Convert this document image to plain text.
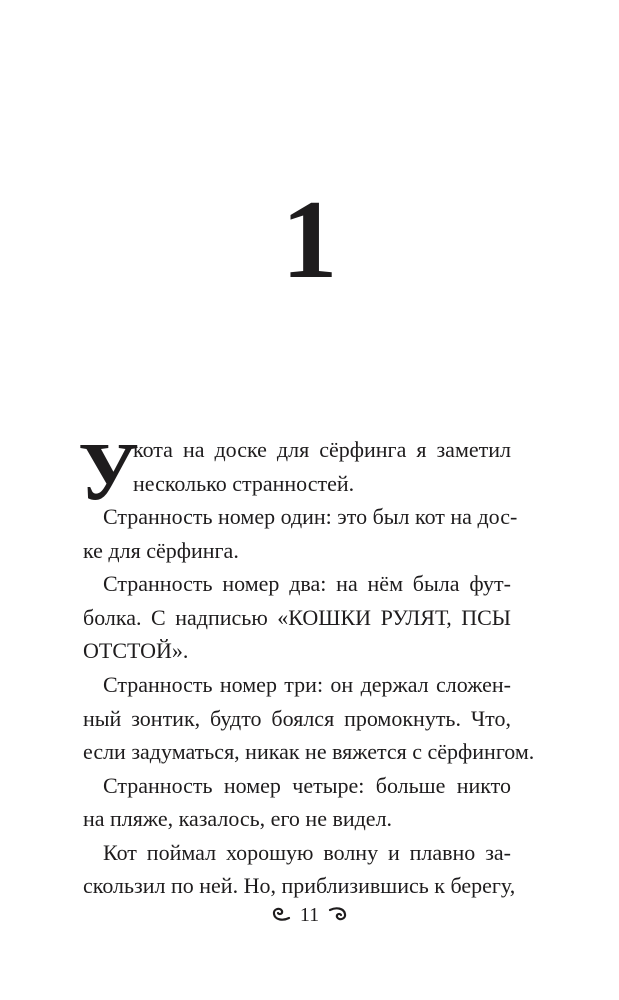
1
У
кота на доске для сёрфинга я заметил
несколько странностей.
Странность номер один: это был кот на дос-
ке для сёрфинга.
Странность номер два: на нём была фут-
болка. С надписью «КОШКИ РУЛЯТ, ПСЫ
ОТСТОЙ».
Странность номер три: он держал сложен-
ный зонтик, будто боялся промокнуть. Что,
если задуматься, никак не вяжется с сёрфингом.
Странность номер четыре: больше никто
на пляже, казалось, его не видел.
Кот поймал хорошую волну и плавно за-
скользил по ней. Но, приблизившись к берегу,
11
